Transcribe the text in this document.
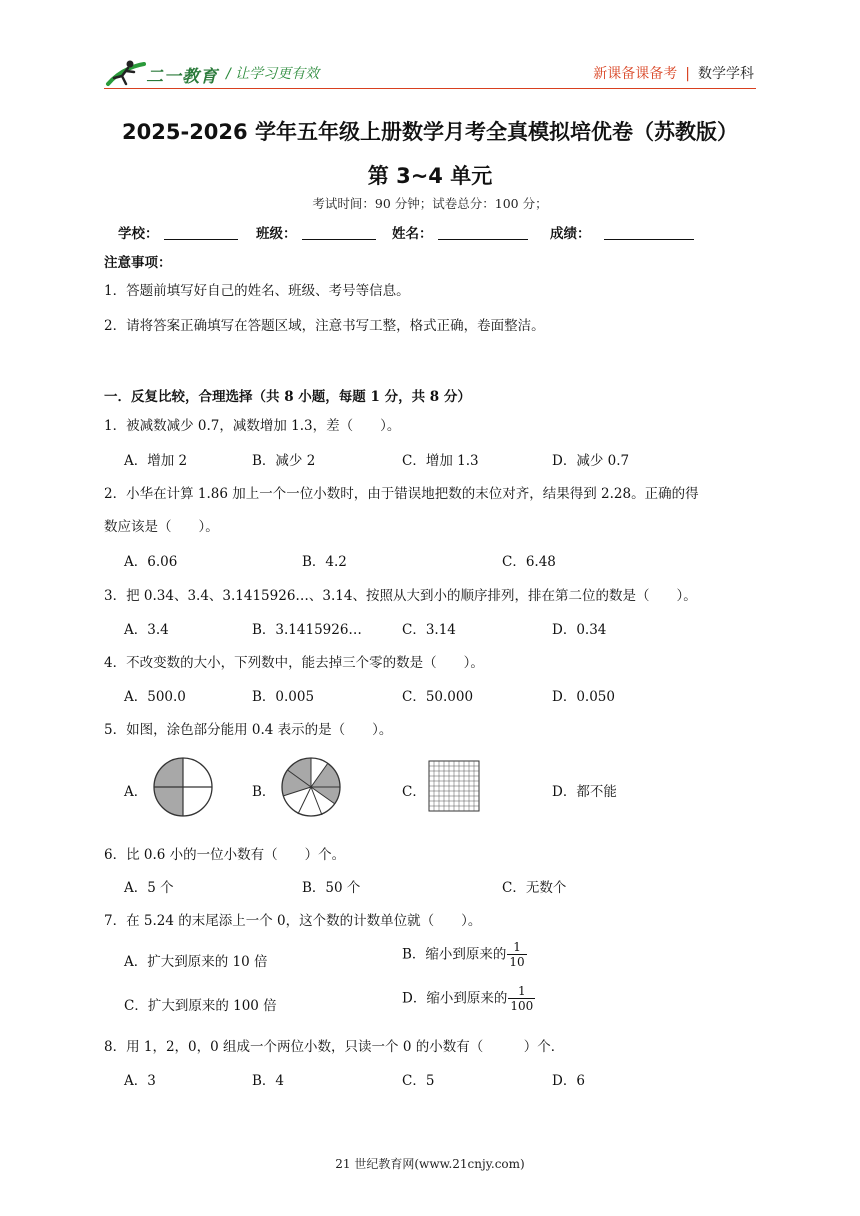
二一教育 / 让学习更有效	新课备课备考 | 数学学科
2025-2026 学年五年级上册数学月考全真模拟培优卷（苏教版）
第 3~4 单元
考试时间：90 分钟；试卷总分：100 分；
学校：	班级：	姓名：	成绩：
注意事项：
1．答题前填写好自己的姓名、班级、考号等信息。
2．请将答案正确填写在答题区域，注意书写工整，格式正确，卷面整洁。
一．反复比较，合理选择（共 8 小题，每题 1 分，共 8 分）
1．被减数减少 0.7，减数增加 1.3，差（　　）。
A．增加 2	B．减少 2	C．增加 1.3	D．减少 0.7
2．小华在计算 1.86 加上一个一位小数时，由于错误地把数的末位对齐，结果得到 2.28。正确的得
数应该是（　　）。
A．6.06	B．4.2	C．6.48
3．把 0.34、3.4、3.1415926…、3.14、按照从大到小的顺序排列，排在第二位的数是（　　）。
A．3.4	B．3.1415926…	C．3.14	D．0.34
4．不改变数的大小，下列数中，能去掉三个零的数是（　　）。
A．500.0	B．0.005	C．50.000	D．0.050
5．如图，涂色部分能用 0.4 表示的是（　　）。
A．	B．	C．	D．都不能
6．比 0.6 小的一位小数有（　　）个。
A．5 个	B．50 个	C．无数个
7．在 5.24 的末尾添上一个 0，这个数的计数单位就（　　）。
A．扩大到原来的 10 倍	B．缩小到原来的 $\frac{1}{10}$
C．扩大到原来的 100 倍	D．缩小到原来的 $\frac{1}{100}$
8．用 1，2，0，0 组成一个两位小数，只读一个 0 的小数有（　　　）个．
A．3	B．4	C．5	D．6
21 世纪教育网(www.21cnjy.com)
